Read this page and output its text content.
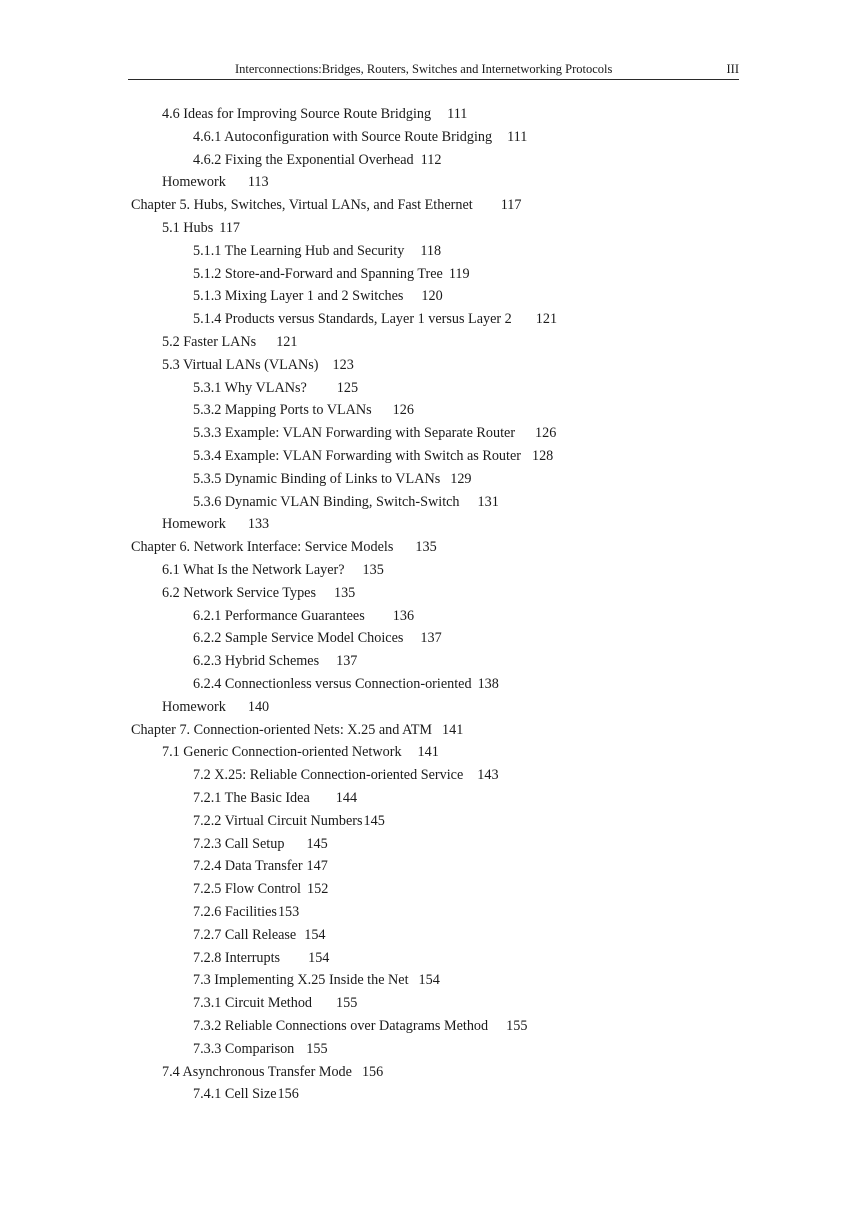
Interconnections:Bridges, Routers, Switches and Internetworking Protocols	III
4.6 Ideas for Improving Source Route Bridging 111
4.6.1 Autoconfiguration with Source Route Bridging 111
4.6.2 Fixing the Exponential Overhead 112
Homework 113
Chapter 5. Hubs, Switches, Virtual LANs, and Fast Ethernet 117
5.1 Hubs 117
5.1.1 The Learning Hub and Security 118
5.1.2 Store-and-Forward and Spanning Tree 119
5.1.3 Mixing Layer 1 and 2 Switches 120
5.1.4 Products versus Standards, Layer 1 versus Layer 2 121
5.2 Faster LANs 121
5.3 Virtual LANs (VLANs) 123
5.3.1 Why VLANs? 125
5.3.2 Mapping Ports to VLANs 126
5.3.3 Example: VLAN Forwarding with Separate Router 126
5.3.4 Example: VLAN Forwarding with Switch as Router 128
5.3.5 Dynamic Binding of Links to VLANs 129
5.3.6 Dynamic VLAN Binding, Switch-Switch 131
Homework 133
Chapter 6. Network Interface: Service Models 135
6.1 What Is the Network Layer? 135
6.2 Network Service Types 135
6.2.1 Performance Guarantees 136
6.2.2 Sample Service Model Choices 137
6.2.3 Hybrid Schemes 137
6.2.4 Connectionless versus Connection-oriented 138
Homework 140
Chapter 7. Connection-oriented Nets: X.25 and ATM 141
7.1 Generic Connection-oriented Network 141
7.2 X.25: Reliable Connection-oriented Service 143
7.2.1 The Basic Idea 144
7.2.2 Virtual Circuit Numbers145
7.2.3 Call Setup 145
7.2.4 Data Transfer 147
7.2.5 Flow Control 152
7.2.6 Facilities153
7.2.7 Call Release 154
7.2.8 Interrupts 154
7.3 Implementing X.25 Inside the Net 154
7.3.1 Circuit Method 155
7.3.2 Reliable Connections over Datagrams Method 155
7.3.3 Comparison 155
7.4 Asynchronous Transfer Mode 156
7.4.1 Cell Size156
